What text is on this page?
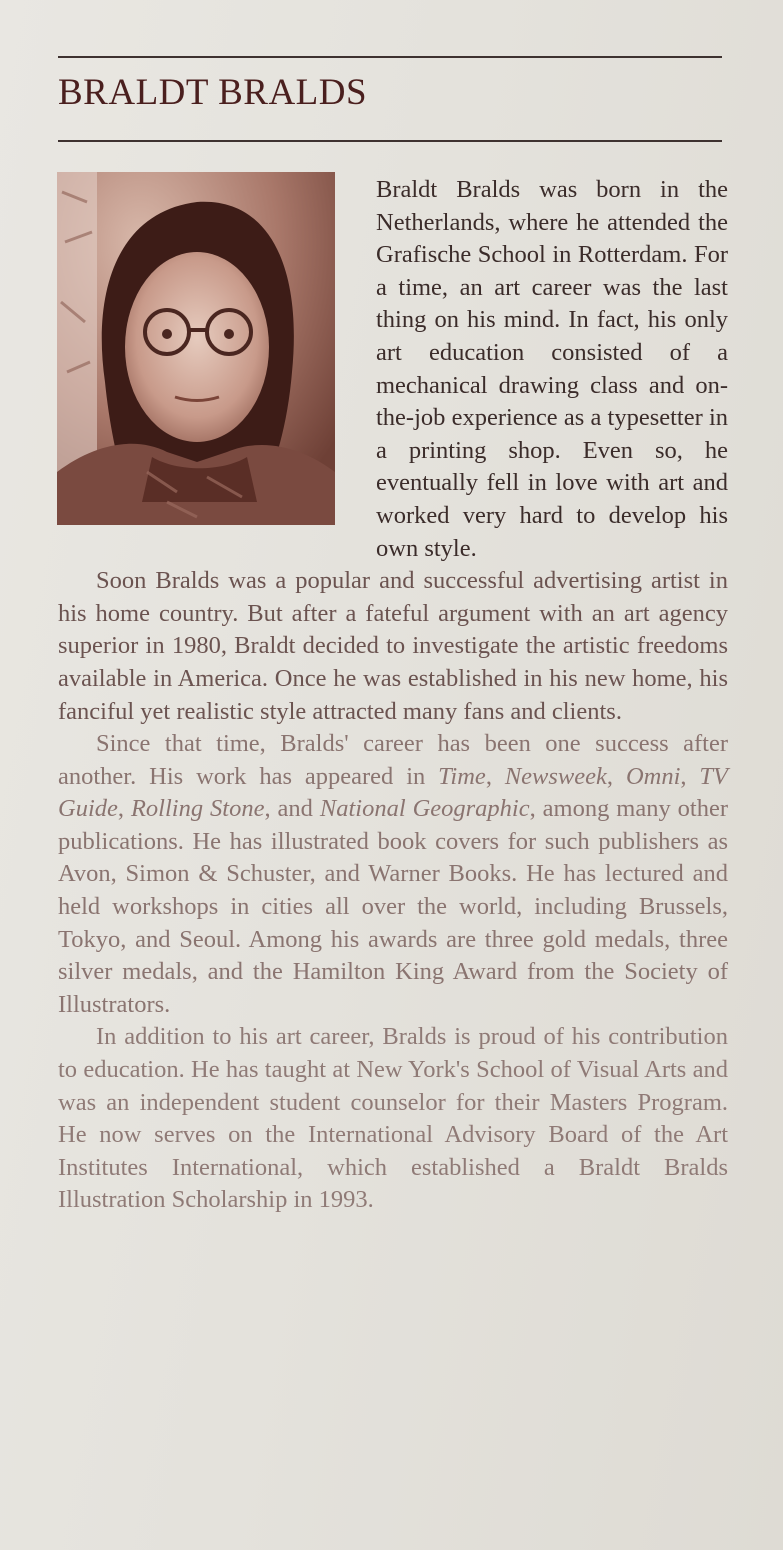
BRALDT BRALDS

Braldt Bralds was born in the Netherlands, where he attended the Grafische School in Rotterdam. For a time, an art career was the last thing on his mind. In fact, his only art education consisted of a mechanical drawing class and on-the-job experience as a typesetter in a printing shop. Even so, he eventually fell in love with art and worked very hard to develop his own style.

Soon Bralds was a popular and successful advertising artist in his home country. But after a fateful argument with an art agency superior in 1980, Braldt decided to investigate the artistic freedoms available in America. Once he was established in his new home, his fanciful yet realistic style attracted many fans and clients.

Since that time, Bralds' career has been one success after another. His work has appeared in Time, Newsweek, Omni, TV Guide, Rolling Stone, and National Geographic, among many other publications. He has illustrated book covers for such publishers as Avon, Simon & Schuster, and Warner Books. He has lectured and held workshops in cities all over the world, including Brussels, Tokyo, and Seoul. Among his awards are three gold medals, three silver medals, and the Hamilton King Award from the Society of Illustrators.

In addition to his art career, Bralds is proud of his contribution to education. He has taught at New York's School of Visual Arts and was an independent student counselor for their Masters Program. He now serves on the International Advisory Board of the Art Institutes International, which established a Braldt Bralds Illustration Scholarship in 1993.
